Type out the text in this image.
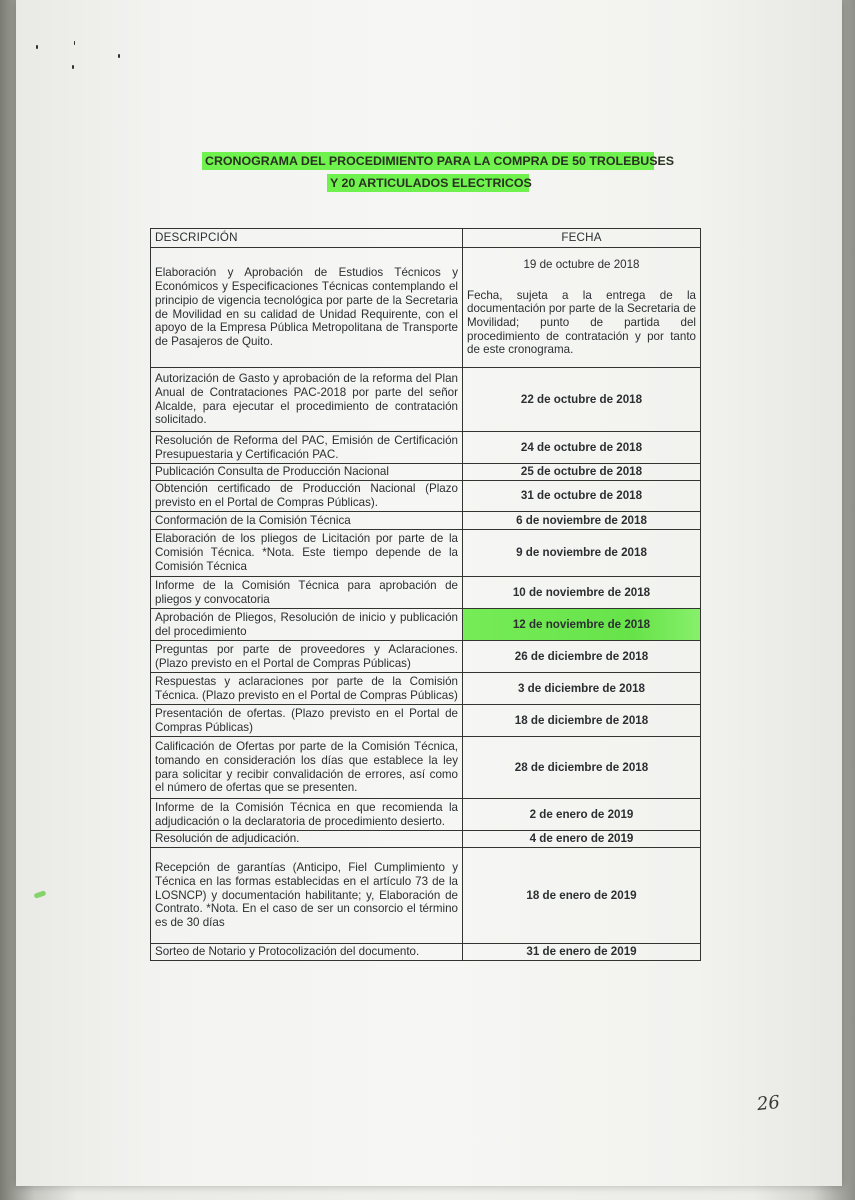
CRONOGRAMA DEL PROCEDIMIENTO PARA LA COMPRA DE 50 TROLEBUSES
Y 20 ARTICULADOS ELECTRICOS
DESCRIPCIÓN	FECHA
Elaboración y Aprobación de Estudios Técnicos y Económicos y Especificaciones Técnicas contemplando el principio de vigencia tecnológica por parte de la Secretaria de Movilidad en su calidad de Unidad Requirente, con el apoyo de la Empresa Pública Metropolitana de Transporte de Pasajeros de Quito.	19 de octubre de 2018
Fecha, sujeta a la entrega de la documentación por parte de la Secretaria de Movilidad; punto de partida del procedimiento de contratación y por tanto de este cronograma.

Autorización de Gasto y aprobación de la reforma del Plan Anual de Contrataciones PAC-2018 por parte del señor Alcalde, para ejecutar el procedimiento de contratación solicitado.	22 de octubre de 2018
Resolución de Reforma del PAC, Emisión de Certificación Presupuestaria y Certificación PAC.	24 de octubre de 2018
Publicación Consulta de Producción Nacional	25 de octubre de 2018
Obtención certificado de Producción Nacional (Plazo previsto en el Portal de Compras Públicas).	31 de octubre de 2018
Conformación de la Comisión Técnica	6 de noviembre de 2018
Elaboración de los pliegos de Licitación por parte de la Comisión Técnica. *Nota. Este tiempo depende de la Comisión Técnica	9 de noviembre de 2018
Informe de la Comisión Técnica para aprobación de pliegos y convocatoria	10 de noviembre de 2018
Aprobación de Pliegos, Resolución de inicio y publicación del procedimiento	12 de noviembre de 2018
Preguntas por parte de proveedores y Aclaraciones. (Plazo previsto en el Portal de Compras Públicas)	26 de diciembre de 2018
Respuestas y aclaraciones por parte de la Comisión Técnica. (Plazo previsto en el Portal de Compras Públicas)	3 de diciembre de 2018
Presentación de ofertas. (Plazo previsto en el Portal de Compras Públicas)	18 de diciembre de 2018
Calificación de Ofertas por parte de la Comisión Técnica, tomando en consideración los días que establece la ley para solicitar y recibir convalidación de errores, así como el número de ofertas que se presenten.	28 de diciembre de 2018
Informe de la Comisión Técnica en que recomienda la adjudicación o la declaratoria de procedimiento desierto.	2 de enero de 2019
Resolución de adjudicación.	4 de enero de 2019
Recepción de garantías (Anticipo, Fiel Cumplimiento y Técnica en las formas establecidas en el artículo 73 de la LOSNCP) y documentación habilitante; y, Elaboración de Contrato. *Nota. En el caso de ser un consorcio el término es de 30 días	18 de enero de 2019
Sorteo de Notario y Protocolización del documento.	31 de enero de 2019
26
